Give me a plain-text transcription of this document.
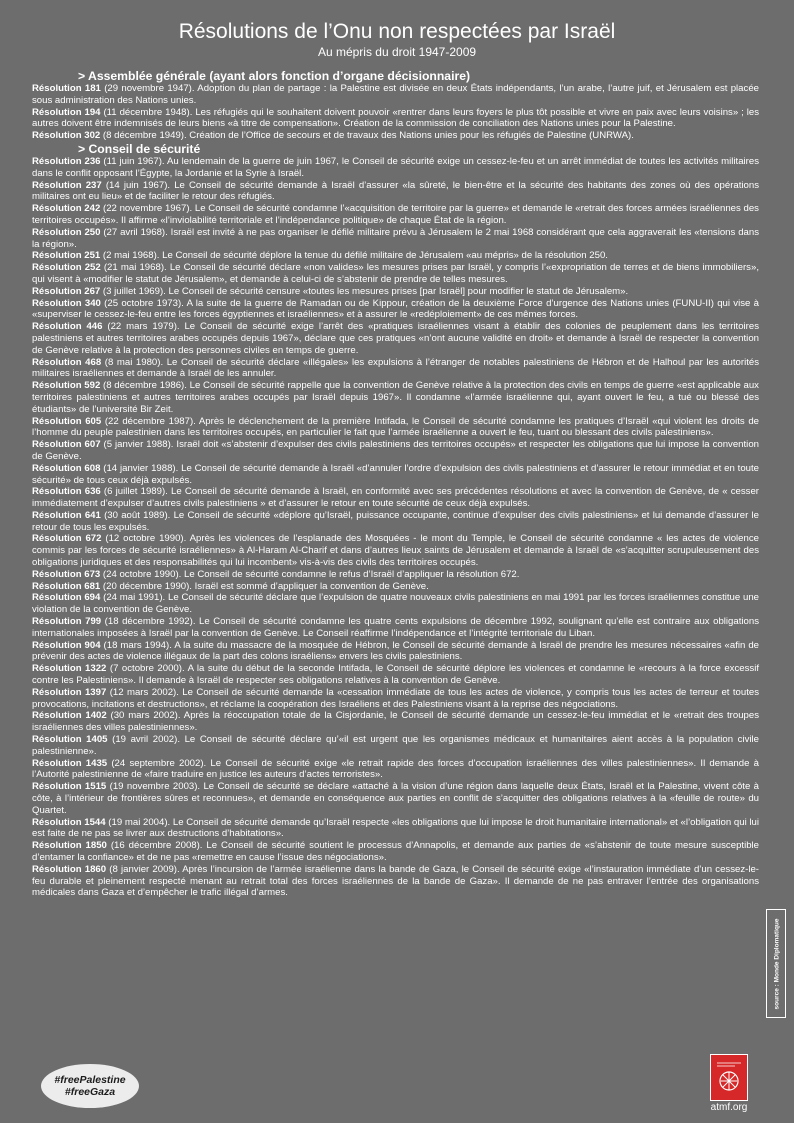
Résolutions de l’Onu non respectées par Israël
Au mépris du droit 1947-2009
> Assemblée générale (ayant alors fonction d’organe décisionnaire)

Résolution 181 (29 novembre 1947). Adoption du plan de partage : la Palestine est divisée en deux États indépendants, l’un arabe, l’autre juif, et Jérusalem est placée sous administration des Nations unies.

Résolution 194 (11 décembre 1948). Les réfugiés qui le souhaitent doivent pouvoir «rentrer dans leurs foyers le plus tôt possible et vivre en paix avec leurs voisins» ; les autres doivent être indemnisés de leurs biens «à titre de compensation». Création de la commission de conciliation des Nations unies pour la Palestine.

Résolution 302 (8 décembre 1949). Création de l’Office de secours et de travaux des Nations unies pour les réfugiés de Palestine (UNRWA).

> Conseil de sécurité

Résolution 236 (11 juin 1967). Au lendemain de la guerre de juin 1967, le Conseil de sécurité exige un cessez-le-feu et un arrêt immédiat de toutes les activités militaires dans le conflit opposant l’Égypte, la Jordanie et la Syrie à Israël.

Résolution 237 (14 juin 1967). Le Conseil de sécurité demande à Israël d’assurer «la sûreté, le bien-être et la sécurité des habitants des zones où des opérations militaires ont eu lieu» et de faciliter le retour des réfugiés.

Résolution 242 (22 novembre 1967). Le Conseil de sécurité condamne l’«acquisition de territoire par la guerre» et demande le «retrait des forces armées israéliennes des territoires occupés». Il affirme «l’inviolabilité territoriale et l’indépendance politique» de chaque État de la région.

Résolution 250 (27 avril 1968). Israël est invité à ne pas organiser le défilé militaire prévu à Jérusalem le 2 mai 1968 considérant que cela aggraverait les «tensions dans la région».

Résolution 251 (2 mai 1968). Le Conseil de sécurité déplore la tenue du défilé militaire de Jérusalem «au mépris» de la résolution 250.

Résolution 252 (21 mai 1968). Le Conseil de sécurité déclare «non valides» les mesures prises par Israël, y compris l’«expropriation de terres et de biens immobiliers», qui visent à «modifier le statut de Jérusalem», et demande à celui-ci de s’abstenir de prendre de telles mesures.

Résolution 267 (3 juillet 1969). Le Conseil de sécurité censure «toutes les mesures prises [par Israël] pour modifier le statut de Jérusalem».

Résolution 340 (25 octobre 1973). A la suite de la guerre de Ramadan ou de Kippour, création de la deuxième Force d’urgence des Nations unies (FUNU-II) qui vise à «superviser le cessez-le-feu entre les forces égyptiennes et israéliennes» et à assurer le «redéploiement» de ces mêmes forces.

Résolution 446 (22 mars 1979). Le Conseil de sécurité exige l’arrêt des «pratiques israéliennes visant à établir des colonies de peuplement dans les territoires palestiniens et autres territoires arabes occupés depuis 1967», déclare que ces pratiques «n’ont aucune validité en droit» et demande à Israël de respecter la convention de Genève relative à la protection des personnes civiles en temps de guerre.

Résolution 468 (8 mai 1980). Le Conseil de sécurité déclare «illégales» les expulsions à l’étranger de notables palestiniens de Hébron et de Halhoul par les autorités militaires israéliennes et demande à Israël de les annuler.

Résolution 592 (8 décembre 1986). Le Conseil de sécurité rappelle que la convention de Genève relative à la protection des civils en temps de guerre «est applicable aux territoires palestiniens et autres territoires arabes occupés par Israël depuis 1967». Il condamne «l’armée israélienne qui, ayant ouvert le feu, a tué ou blessé des étudiants» de l’université Bir Zeit.

Résolution 605 (22 décembre 1987). Après le déclenchement de la première Intifada, le Conseil de sécurité condamne les pratiques d’Israël «qui violent les droits de l’homme du peuple palestinien dans les territoires occupés, en particulier le fait que l’armée israélienne a ouvert le feu, tuant ou blessant des civils palestiniens».

Résolution 607 (5 janvier 1988). Israël doit «s’abstenir d’expulser des civils palestiniens des territoires occupés» et respecter les obligations que lui impose la convention de Genève.

Résolution 608 (14 janvier 1988). Le Conseil de sécurité demande à Israël «d’annuler l’ordre d’expulsion des civils palestiniens et d’assurer le retour immédiat et en toute sécurité» de tous ceux déjà expulsés.

Résolution 636 (6 juillet 1989). Le Conseil de sécurité demande à Israël, en conformité avec ses précédentes résolutions et avec la convention de Genève, de « cesser immédiatement d’expulser d’autres civils palestiniens » et d’assurer le retour en toute sécurité de ceux déjà expulsés.

Résolution 641 (30 août 1989). Le Conseil de sécurité «déplore qu’Israël, puissance occupante, continue d’expulser des civils palestiniens» et lui demande d’assurer le retour de tous les expulsés.

Résolution 672 (12 octobre 1990). Après les violences de l’esplanade des Mosquées - le mont du Temple, le Conseil de sécurité condamne « les actes de violence commis par les forces de sécurité israéliennes» à Al-Haram Al-Charif et dans d’autres lieux saints de Jérusalem et demande à Israël de «s’acquitter scrupuleusement des obligations juridiques et des responsabilités qui lui incombent» vis-à-vis des civils des territoires occupés.

Résolution 673 (24 octobre 1990). Le Conseil de sécurité condamne le refus d’Israël d’appliquer la résolution 672.

Résolution 681 (20 décembre 1990). Israël est sommé d’appliquer la convention de Genève.

Résolution 694 (24 mai 1991). Le Conseil de sécurité déclare que l’expulsion de quatre nouveaux civils palestiniens en mai 1991 par les forces israéliennes constitue une violation de la convention de Genève.

Résolution 799 (18 décembre 1992). Le Conseil de sécurité condamne les quatre cents expulsions de décembre 1992, soulignant qu’elle est contraire aux obligations internationales imposées à Israël par la convention de Genève. Le Conseil réaffirme l’indépendance et l’intégrité territoriale du Liban.

Résolution 904 (18 mars 1994). A la suite du massacre de la mosquée de Hébron, le Conseil de sécurité demande à Israël de prendre les mesures nécessaires «afin de prévenir des actes de violence illégaux de la part des colons israéliens» envers les civils palestiniens.

Résolution 1322 (7 octobre 2000). A la suite du début de la seconde Intifada, le Conseil de sécurité déplore les violences et condamne le «recours à la force excessif contre les Palestiniens». Il demande à Israël de respecter ses obligations relatives à la convention de Genève.

Résolution 1397 (12 mars 2002). Le Conseil de sécurité demande la «cessation immédiate de tous les actes de violence, y compris tous les actes de terreur et toutes provocations, incitations et destructions», et réclame la coopération des Israéliens et des Palestiniens visant à la reprise des négociations.

Résolution 1402 (30 mars 2002). Après la réoccupation totale de la Cisjordanie, le Conseil de sécurité demande un cessez-le-feu immédiat et le «retrait des troupes israéliennes des villes palestiniennes».

Résolution 1405 (19 avril 2002). Le Conseil de sécurité déclare qu’«il est urgent que les organismes médicaux et humanitaires aient accès à la population civile palestinienne».

Résolution 1435 (24 septembre 2002). Le Conseil de sécurité exige «le retrait rapide des forces d’occupation israéliennes des villes palestiniennes». Il demande à l’Autorité palestinienne de «faire traduire en justice les auteurs d’actes terroristes».

Résolution 1515 (19 novembre 2003). Le Conseil de sécurité se déclare «attaché à la vision d’une région dans laquelle deux États, Israël et la Palestine, vivent côte à côte, à l’intérieur de frontières sûres et reconnues», et demande en conséquence aux parties en conflit de s’acquitter des obligations relatives à la «feuille de route» du Quartet.

Résolution 1544 (19 mai 2004). Le Conseil de sécurité demande qu’Israël respecte «les obligations que lui impose le droit humanitaire international» et «l’obligation qui lui est faite de ne pas se livrer aux destructions d’habitations».

Résolution 1850 (16 décembre 2008). Le Conseil de sécurité soutient le processus d’Annapolis, et demande aux parties de «s’abstenir de toute mesure susceptible d’entamer la confiance» et de ne pas «remettre en cause l’issue des négociations».

Résolution 1860 (8 janvier 2009). Après l’incursion de l’armée israélienne dans la bande de Gaza, le Conseil de sécurité exige «l’instauration immédiate d’un cessez-le-feu durable et pleinement respecté menant au retrait total des forces israéliennes de la bande de Gaza». Il demande de ne pas entraver l’entrée des organisations médicales dans Gaza et d’empêcher le trafic illégal d’armes.

source : Monde Diplomatique
#freePalestine
#freeGaza
atmf.org
